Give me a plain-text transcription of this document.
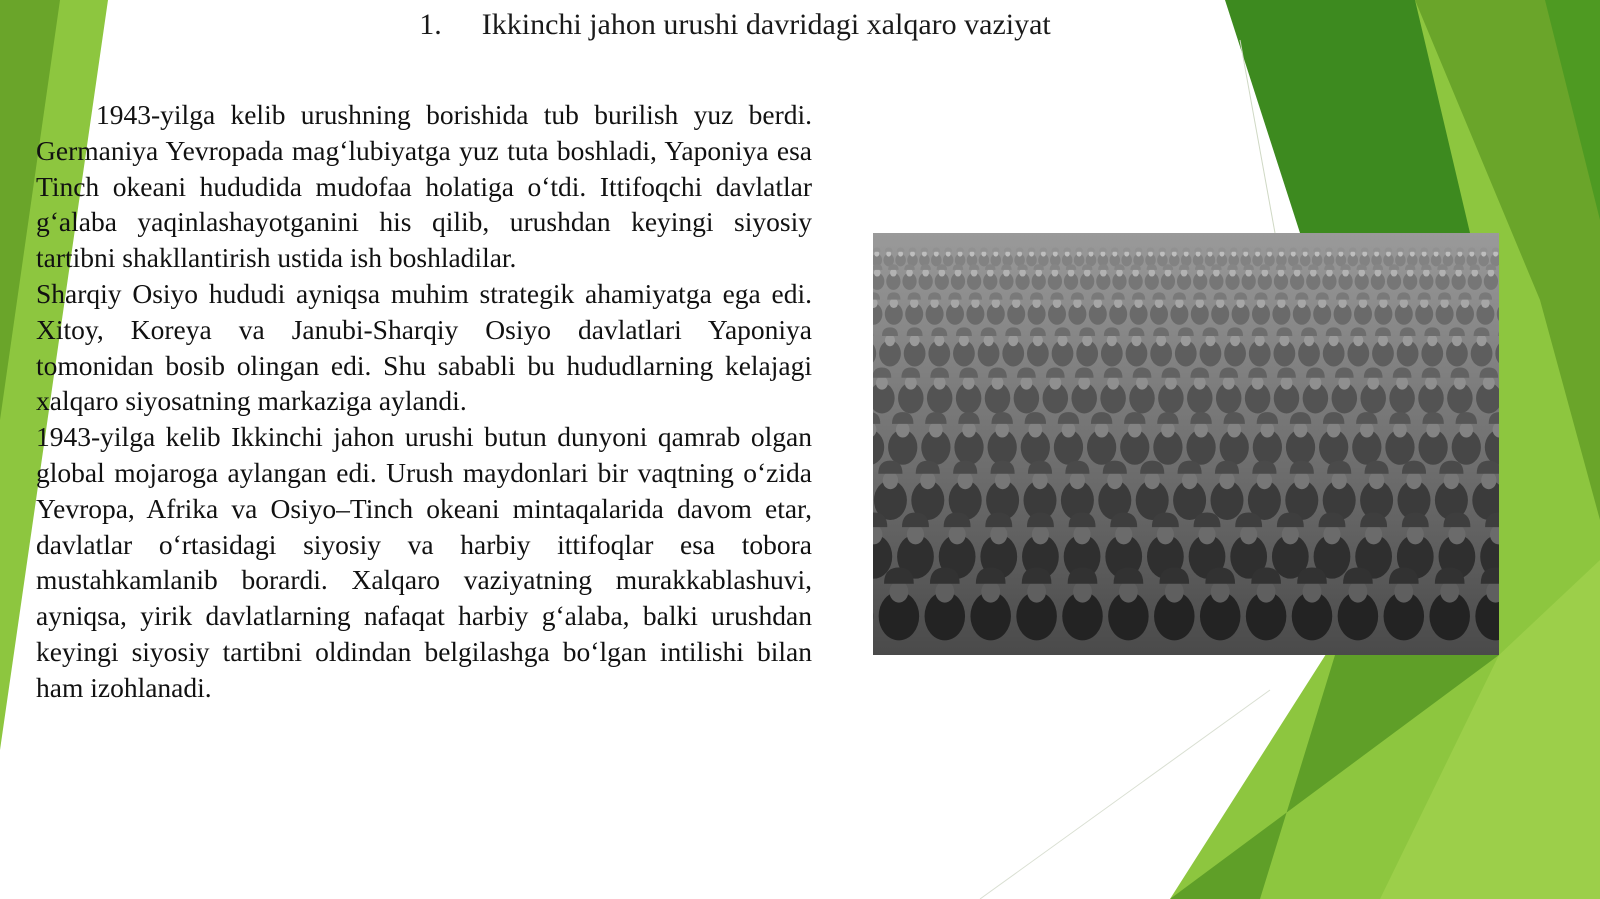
1. Ikkinchi jahon urushi davridagi xalqaro vaziyat

1943-yilga kelib urushning borishida tub burilish yuz berdi. Germaniya Yevropada mag‘lubiyatga yuz tuta boshladi, Yaponiya esa Tinch okeani hududida mudofaa holatiga o‘tdi. Ittifoqchi davlatlar g‘alaba yaqinlashayotganini his qilib, urushdan keyingi siyosiy tartibni shakllantirish ustida ish boshladilar.

Sharqiy Osiyo hududi ayniqsa muhim strategik ahamiyatga ega edi. Xitoy, Koreya va Janubi-Sharqiy Osiyo davlatlari Yaponiya tomonidan bosib olingan edi. Shu sababli bu hududlarning kelajagi xalqaro siyosatning markaziga aylandi.

1943-yilga kelib Ikkinchi jahon urushi butun dunyoni qamrab olgan global mojaroga aylangan edi. Urush maydonlari bir vaqtning o‘zida Yevropa, Afrika va Osiyo–Tinch okeani mintaqalarida davom etar, davlatlar o‘rtasidagi siyosiy va harbiy ittifoqlar esa tobora mustahkamlanib borardi. Xalqaro vaziyatning murakkablashuvi, ayniqsa, yirik davlatlarning nafaqat harbiy g‘alaba, balki urushdan keyingi siyosiy tartibni oldindan belgilashga bo‘lgan intilishi bilan ham izohlanadi.
